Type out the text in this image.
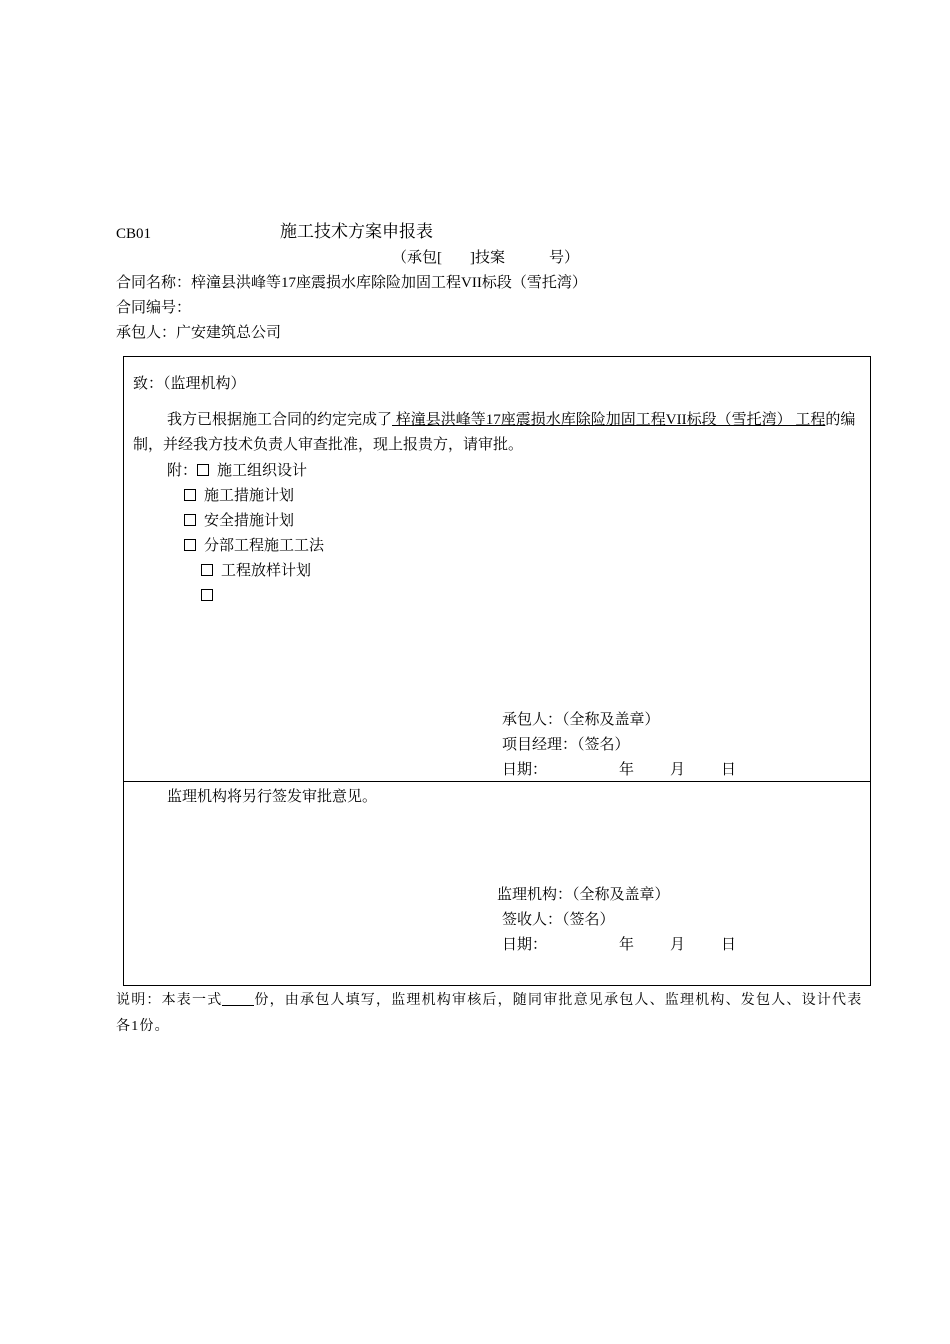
CB01	施工技术方案申报表
（承包[ ]技案	号）
合同名称：梓潼县洪峰等17座震损水库除险加固工程VII标段（雪托湾）
合同编号：
承包人：广安建筑总公司
致：（监理机构）
我方已根据施工合同的约定完成了 梓潼县洪峰等17座震损水库除险加固工程VII标段（雪托湾） 工程的编制，并经我方技术负责人审查批准，现上报贵方，请审批。
附： 施工组织设计
施工措施计划
安全措施计划
分部工程施工工法
工程放样计划
承包人：（全称及盖章）
项目经理：（签名）
日期：	年 月 日
监理机构将另行签发审批意见。
监理机构：（全称及盖章）
签收人：（签名）
日期：	年 月 日
说明：本表一式 份，由承包人填写，监理机构审核后，随同审批意见承包人、监理机构、发包人、设计代表各1份。
